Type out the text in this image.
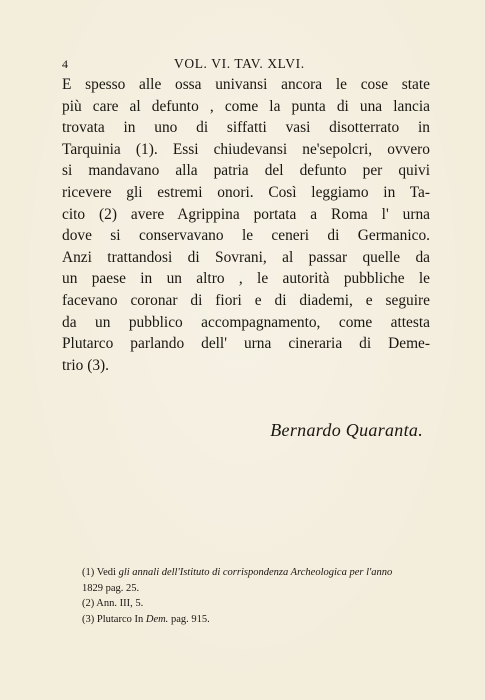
4	VOL. VI. TAV. XLVI.
E spesso alle ossa univansi ancora le cose state
più care al defunto , come la punta di una lancia
trovata in uno di siffatti vasi disotterrato in
Tarquinia (1). Essi chiudevansi ne'sepolcri, ovvero
si mandavano alla patria del defunto per quivi
ricevere gli estremi onori. Così leggiamo in Ta-
cito (2) avere Agrippina portata a Roma l' urna
dove si conservavano le ceneri di Germanico.
Anzi trattandosi di Sovrani, al passar quelle da
un paese in un altro , le autorità pubbliche le
facevano coronar di fiori e di diademi, e seguire
da un pubblico accompagnamento, come attesta
Plutarco parlando dell' urna cineraria di Deme-
trio (3).
Bernardo Quaranta.
(1) Vedi gli annali dell'Istituto di corrispondenza Archeologica per l'anno
1829 pag. 25.
(2) Ann. III, 5.
(3) Plutarco In Dem. pag. 915.
